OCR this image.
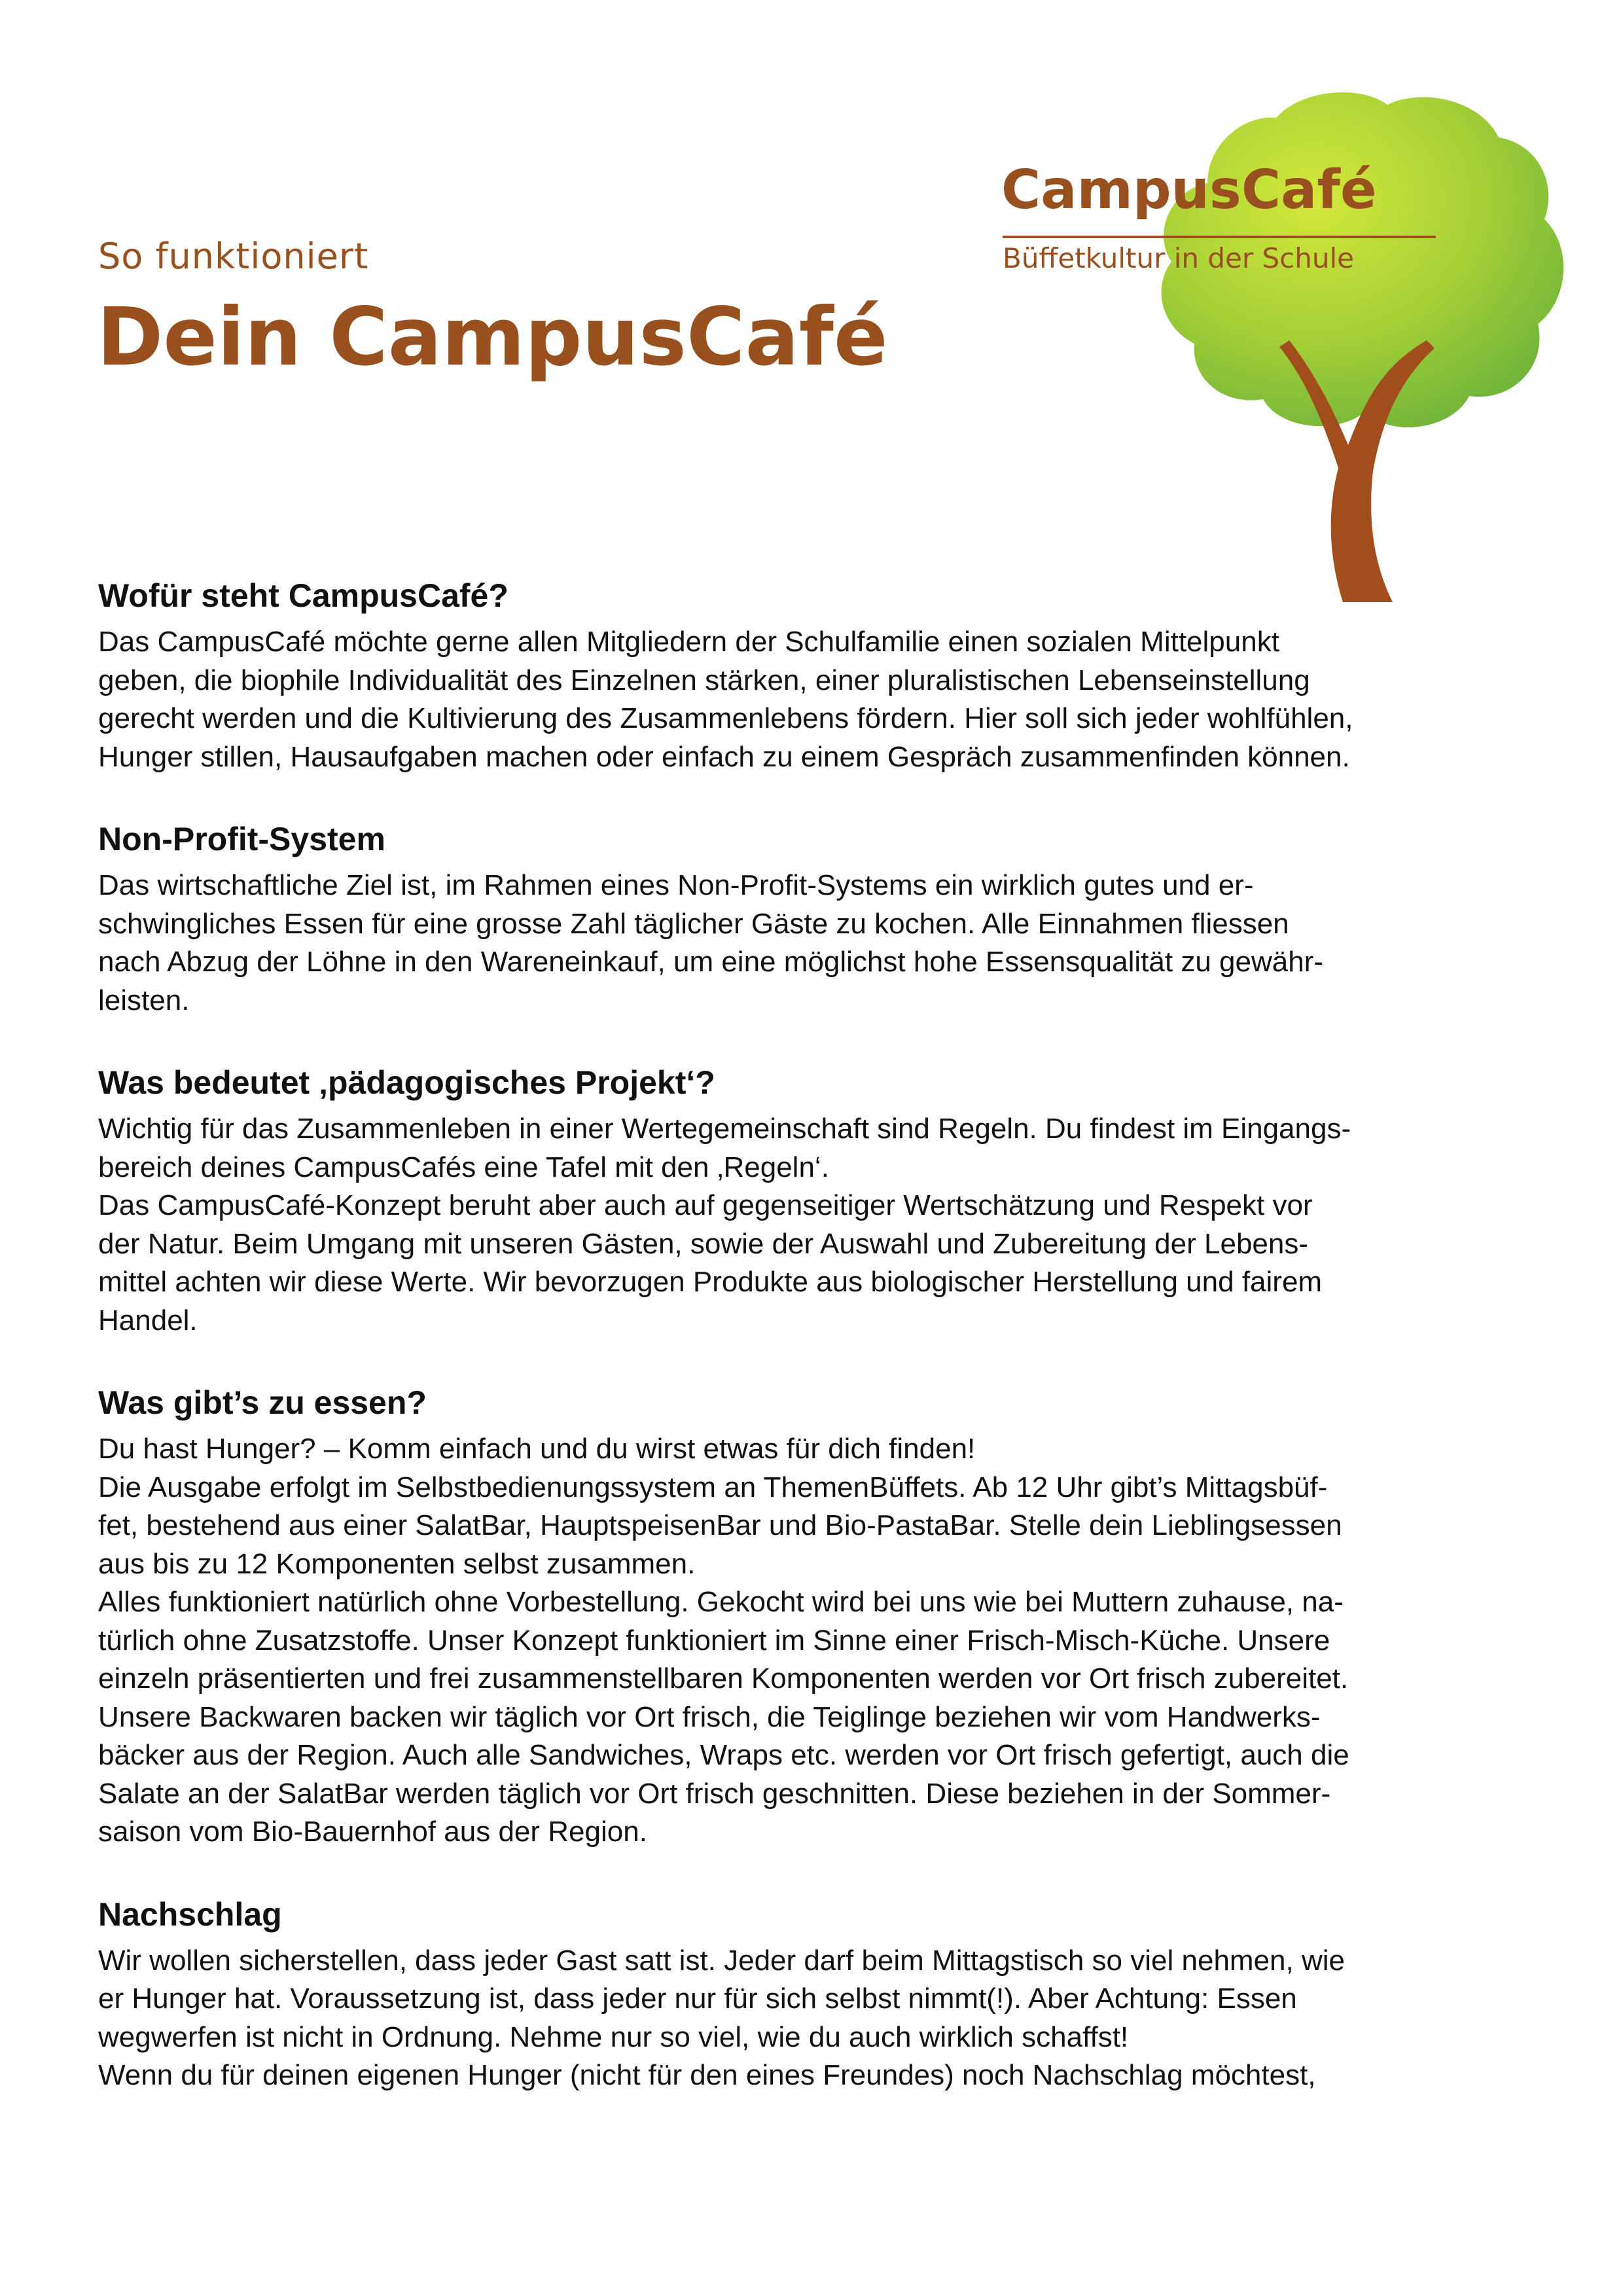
So funktioniert
Dein CampusCafé
CampusCafé
Büffetkultur in der Schule
Wofür steht CampusCafé?

Das CampusCafé möchte gerne allen Mitgliedern der Schulfamilie einen sozialen Mittelpunkt
geben, die biophile Individualität des Einzelnen stärken, einer pluralistischen Lebenseinstellung
gerecht werden und die Kultivierung des Zusammenlebens fördern. Hier soll sich jeder wohlfühlen,
Hunger stillen, Hausaufgaben machen oder einfach zu einem Gespräch zusammenfinden können.

Non-Profit-System

Das wirtschaftliche Ziel ist, im Rahmen eines Non-Profit-Systems ein wirklich gutes und er-
schwingliches Essen für eine grosse Zahl täglicher Gäste zu kochen. Alle Einnahmen fliessen
nach Abzug der Löhne in den Wareneinkauf, um eine möglichst hohe Essensqualität zu gewähr-
leisten.

Was bedeutet ‚pädagogisches Projekt‘?

Wichtig für das Zusammenleben in einer Wertegemeinschaft sind Regeln. Du findest im Eingangs-
bereich deines CampusCafés eine Tafel mit den ‚Regeln‘.
Das CampusCafé-Konzept beruht aber auch auf gegenseitiger Wertschätzung und Respekt vor
der Natur. Beim Umgang mit unseren Gästen, sowie der Auswahl und Zubereitung der Lebens-
mittel achten wir diese Werte. Wir bevorzugen Produkte aus biologischer Herstellung und fairem
Handel.

Was gibt’s zu essen?

Du hast Hunger? – Komm einfach und du wirst etwas für dich finden!
Die Ausgabe erfolgt im Selbstbedienungssystem an ThemenBüffets. Ab 12 Uhr gibt’s Mittagsbüf-
fet, bestehend aus einer SalatBar, HauptspeisenBar und Bio-PastaBar. Stelle dein Lieblingsessen
aus bis zu 12 Komponenten selbst zusammen.
Alles funktioniert natürlich ohne Vorbestellung. Gekocht wird bei uns wie bei Muttern zuhause, na-
türlich ohne Zusatzstoffe. Unser Konzept funktioniert im Sinne einer Frisch-Misch-Küche. Unsere
einzeln präsentierten und frei zusammenstellbaren Komponenten werden vor Ort frisch zubereitet.
Unsere Backwaren backen wir täglich vor Ort frisch, die Teiglinge beziehen wir vom Handwerks-
bäcker aus der Region. Auch alle Sandwiches, Wraps etc. werden vor Ort frisch gefertigt, auch die
Salate an der SalatBar werden täglich vor Ort frisch geschnitten. Diese beziehen in der Sommer-
saison vom Bio-Bauernhof aus der Region.

Nachschlag

Wir wollen sicherstellen, dass jeder Gast satt ist. Jeder darf beim Mittagstisch so viel nehmen, wie
er Hunger hat. Voraussetzung ist, dass jeder nur für sich selbst nimmt(!). Aber Achtung: Essen
wegwerfen ist nicht in Ordnung. Nehme nur so viel, wie du auch wirklich schaffst!
Wenn du für deinen eigenen Hunger (nicht für den eines Freundes) noch Nachschlag möchtest,
